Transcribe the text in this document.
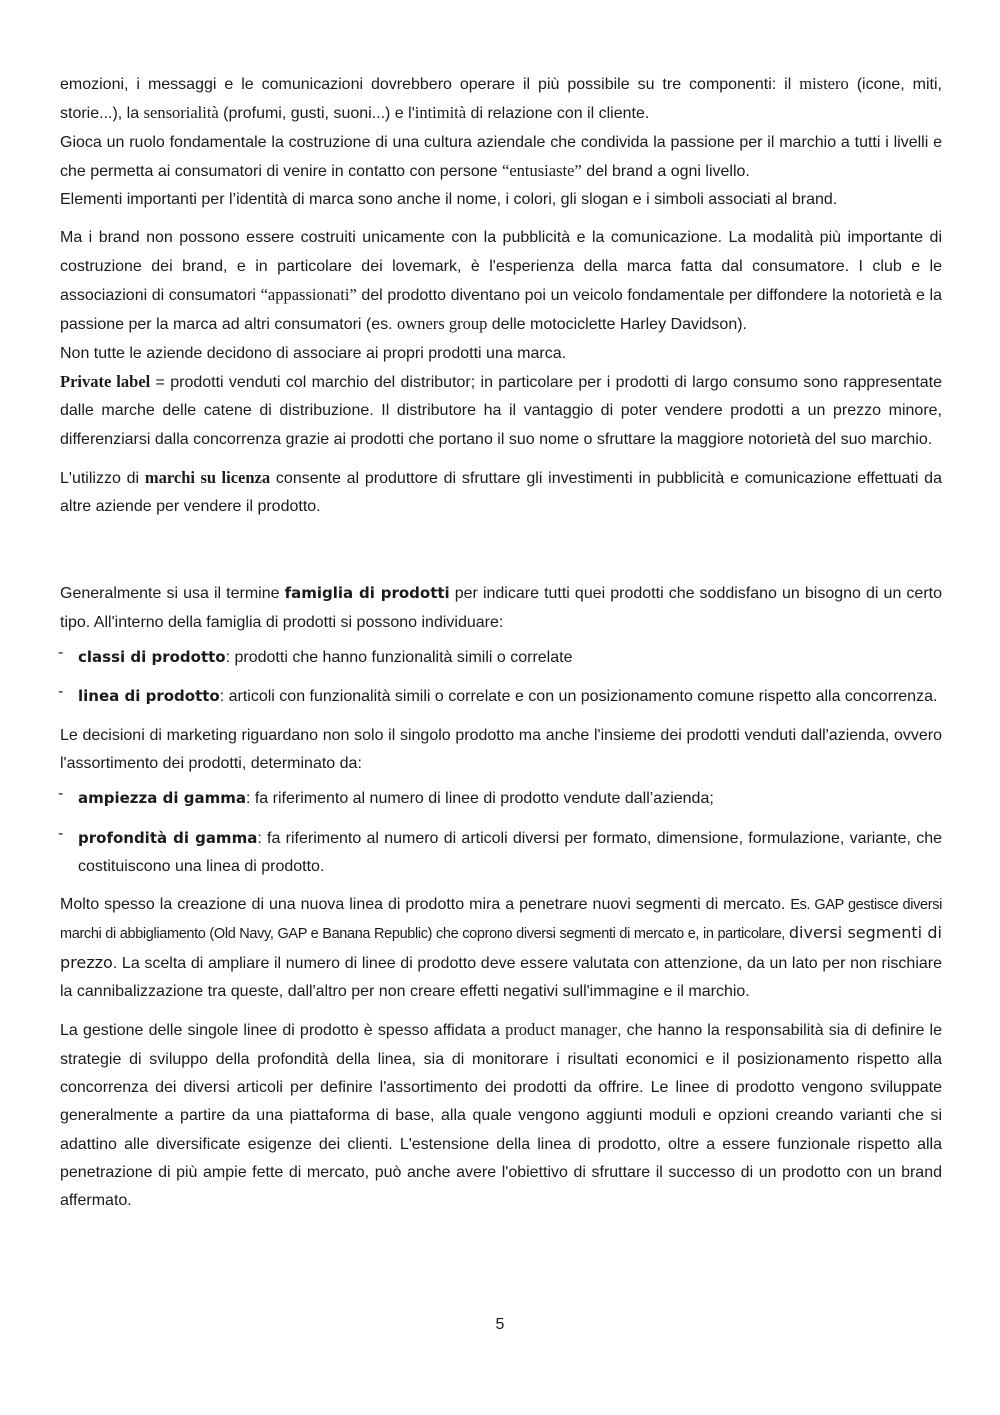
emozioni, i messaggi e le comunicazioni dovrebbero operare il più possibile su tre componenti: il mistero (icone, miti, storie...), la sensorialità (profumi, gusti, suoni...) e l'intimità di relazione con il cliente.

Gioca un ruolo fondamentale la costruzione di una cultura aziendale che condivida la passione per il marchio a tutti i livelli e che permetta ai consumatori di venire in contatto con persone “entusiaste” del brand a ogni livello.

Elementi importanti per l’identità di marca sono anche il nome, i colori, gli slogan e i simboli associati al brand.

Ma i brand non possono essere costruiti unicamente con la pubblicità e la comunicazione. La modalità più importante di costruzione dei brand, e in particolare dei lovemark, è l'esperienza della marca fatta dal consumatore. I club e le associazioni di consumatori “appassionati” del prodotto diventano poi un veicolo fondamentale per diffondere la notorietà e la passione per la marca ad altri consumatori (es. owners group delle motociclette Harley Davidson).

Non tutte le aziende decidono di associare ai propri prodotti una marca.

Private label = prodotti venduti col marchio del distributor; in particolare per i prodotti di largo consumo sono rappresentate dalle marche delle catene di distribuzione. Il distributore ha il vantaggio di poter vendere prodotti a un prezzo minore, differenziarsi dalla concorrenza grazie ai prodotti che portano il suo nome o sfruttare la maggiore notorietà del suo marchio.

L'utilizzo di marchi su licenza consente al produttore di sfruttare gli investimenti in pubblicità e comunicazione effettuati da altre aziende per vendere il prodotto.

Generalmente si usa il termine famiglia di prodotti per indicare tutti quei prodotti che soddisfano un bisogno di un certo tipo. All'interno della famiglia di prodotti si possono individuare:

- classi di prodotto: prodotti che hanno funzionalità simili o correlate
- linea di prodotto: articoli con funzionalità simili o correlate e con un posizionamento comune rispetto alla concorrenza.

Le decisioni di marketing riguardano non solo il singolo prodotto ma anche l'insieme dei prodotti venduti dall'azienda, ovvero l'assortimento dei prodotti, determinato da:

- ampiezza di gamma: fa riferimento al numero di linee di prodotto vendute dall’azienda;
- profondità di gamma: fa riferimento al numero di articoli diversi per formato, dimensione, formulazione, variante, che costituiscono una linea di prodotto.

Molto spesso la creazione di una nuova linea di prodotto mira a penetrare nuovi segmenti di mercato. Es. GAP gestisce diversi marchi di abbigliamento (Old Navy, GAP e Banana Republic) che coprono diversi segmenti di mercato e, in particolare, diversi segmenti di prezzo. La scelta di ampliare il numero di linee di prodotto deve essere valutata con attenzione, da un lato per non rischiare la cannibalizzazione tra queste, dall'altro per non creare effetti negativi sull'immagine e il marchio.

La gestione delle singole linee di prodotto è spesso affidata a product manager, che hanno la responsabilità sia di definire le strategie di sviluppo della profondità della linea, sia di monitorare i risultati economici e il posizionamento rispetto alla concorrenza dei diversi articoli per definire l'assortimento dei prodotti da offrire. Le linee di prodotto vengono sviluppate generalmente a partire da una piattaforma di base, alla quale vengono aggiunti moduli e opzioni creando varianti che si adattino alle diversificate esigenze dei clienti. L'estensione della linea di prodotto, oltre a essere funzionale rispetto alla penetrazione di più ampie fette di mercato, può anche avere l'obiettivo di sfruttare il successo di un prodotto con un brand affermato.

5
